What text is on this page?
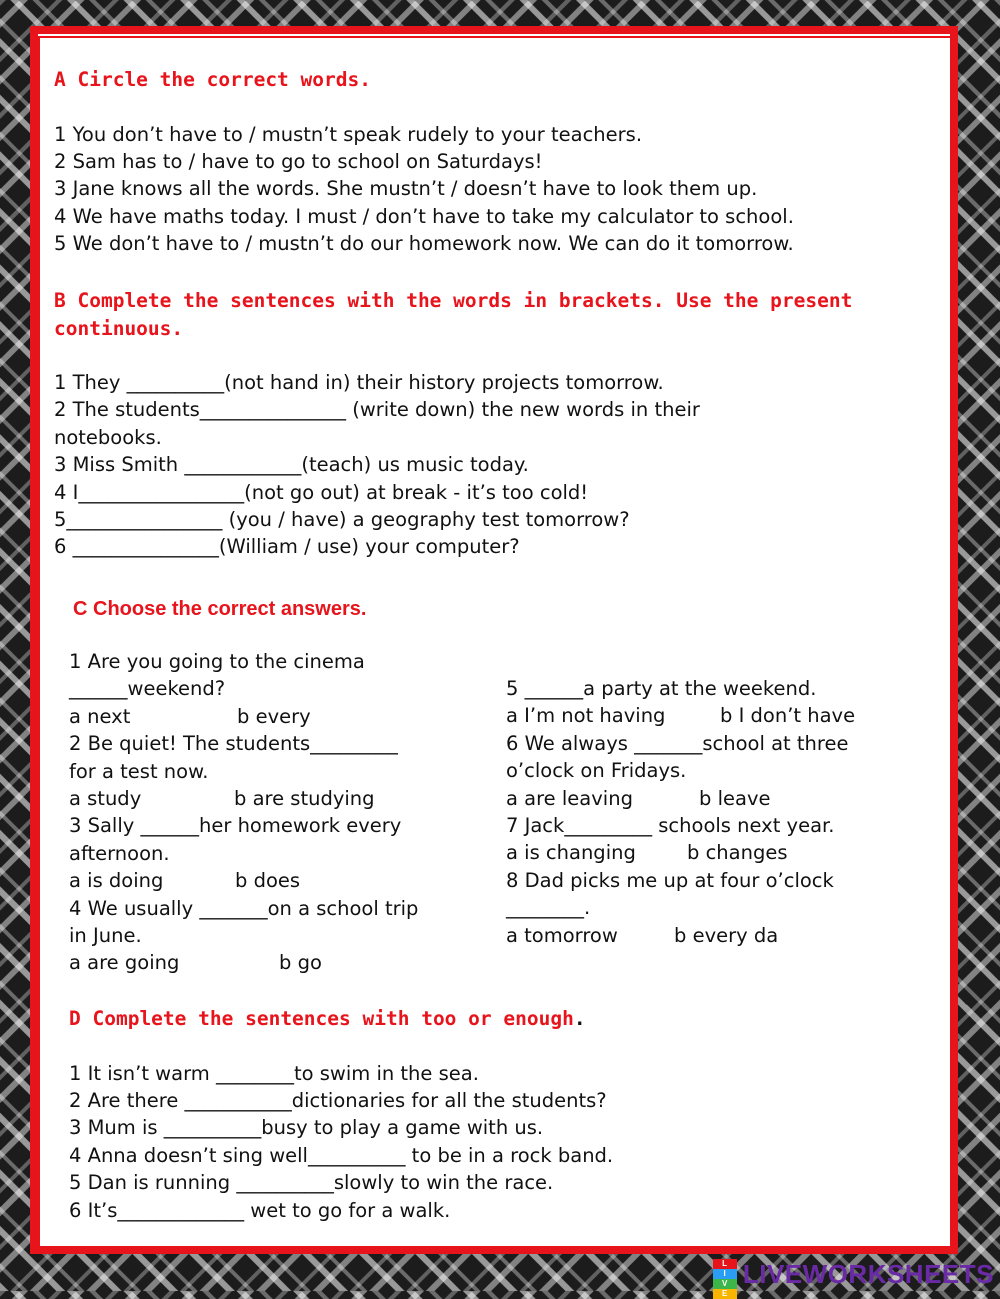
A Circle the correct words.

1 You don’t have to / mustn’t speak rudely to your teachers.

2 Sam has to / have to go to school on Saturdays!

3 Jane knows all the words. She mustn’t / doesn’t have to look them up.

4 We have maths today. I must / don’t have to take my calculator to school.

5 We don’t have to / mustn’t do our homework now. We can do it tomorrow.

B Complete the sentences with the words in brackets. Use the present

continuous.

1 They __________(not hand in) their history projects tomorrow.

2 The students_______________ (write down) the new words in their

notebooks.

3 Miss Smith ____________(teach) us music today.

4 I_________________(not go out) at break - it’s too cold!

5________________ (you / have) a geography test tomorrow?

6 _______________(William / use) your computer?

C Choose the correct answers.

1 Are you going to the cinema

______weekend?

a next	b every

2 Be quiet! The students_________

for a test now.

a study	b are studying

3 Sally ______her homework every

afternoon.

a is doing	b does

4 We usually _______on a school trip

in June.

a are going	b go

5 ______a party at the weekend.

a I’m not having	b I don’t have

6 We always _______school at three

o’clock on Fridays.

a are leaving	b leave

7 Jack_________ schools next year.

a is changing	b changes

8 Dad picks me up at four o’clock

________.

a tomorrow	b every da

D Complete the sentences with too or enough.

1 It isn’t warm ________to swim in the sea.

2 Are there ___________dictionaries for all the students?

3 Mum is __________busy to play a game with us.

4 Anna doesn’t sing well__________ to be in a rock band.

5 Dan is running __________slowly to win the race.

6 It’s_____________ wet to go for a walk.

L
I
V
E
LIVEWORKSHEETS
